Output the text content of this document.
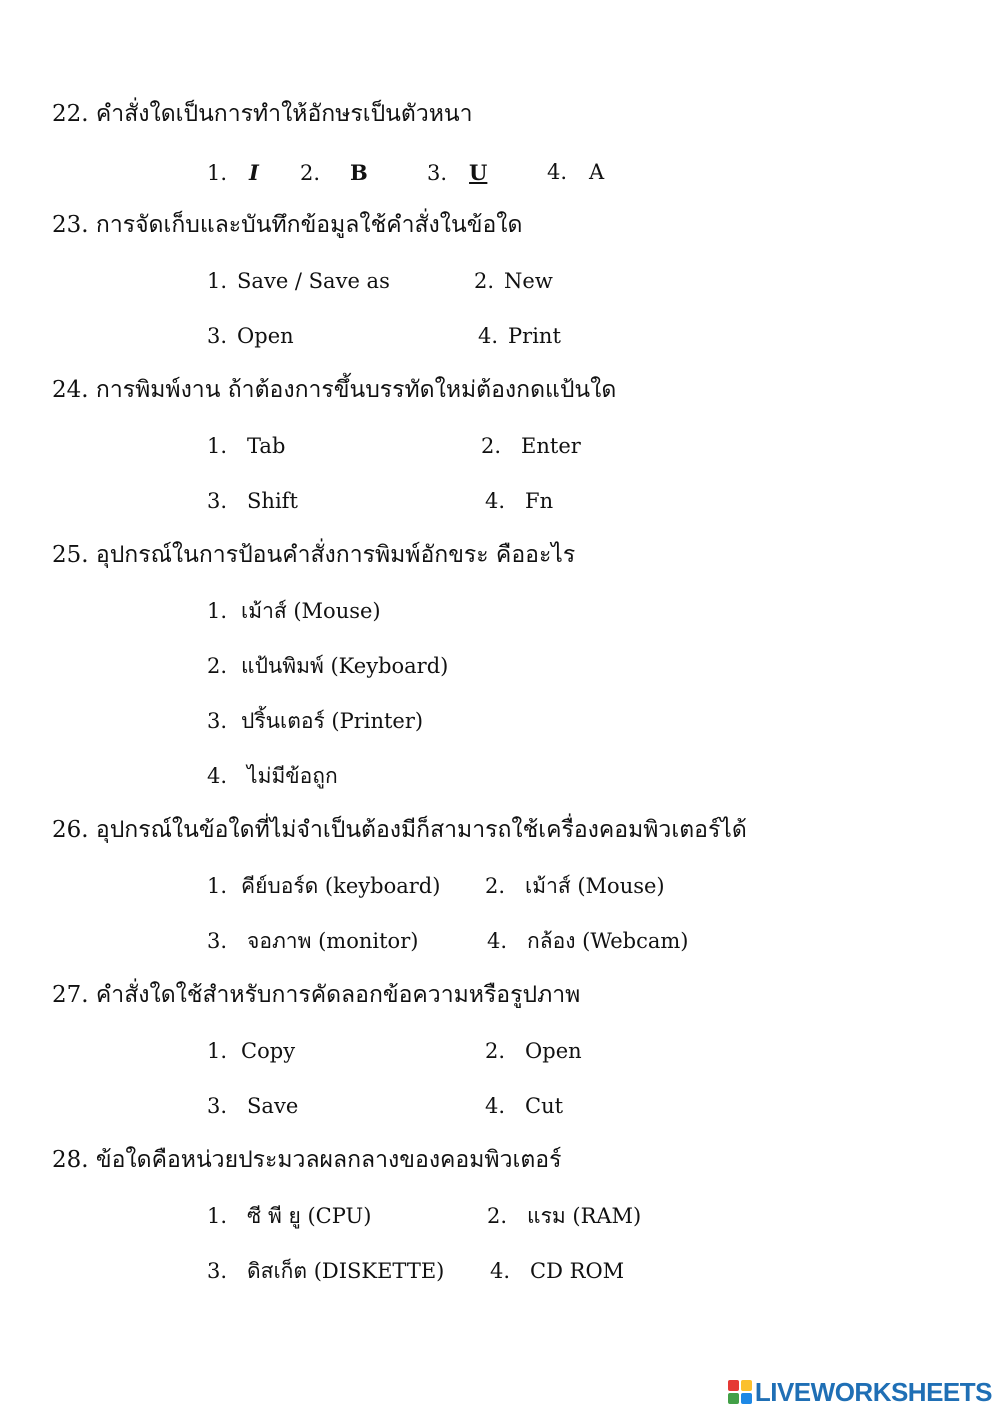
22. คำสั่งใดเป็นการทำให้อักษรเป็นตัวหนา
1. I 2. B	3. U	4. A
23. การจัดเก็บและบันทึกข้อมูลใช้คำสั่งในข้อใด
1. Save / Save as	2. New
3. Open	4. Print
24. การพิมพ์งาน ถ้าต้องการขึ้นบรรทัดใหม่ต้องกดแป้นใด
1. Tab	2. Enter
3. Shift	4. Fn
25. อุปกรณ์ในการป้อนคำสั่งการพิมพ์อักขระ คืออะไร
1. เม้าส์ (Mouse)
2. แป้นพิมพ์ (Keyboard)
3. ปริ้นเตอร์ (Printer)
4. ไม่มีข้อถูก
26. อุปกรณ์ในข้อใดที่ไม่จำเป็นต้องมีก็สามารถใช้เครื่องคอมพิวเตอร์ได้
1. คีย์บอร์ด (keyboard) 2. เม้าส์ (Mouse)
3. จอภาพ (monitor)	4. กล้อง (Webcam)
27. คำสั่งใดใช้สำหรับการคัดลอกข้อความหรือรูปภาพ
1. Copy	2. Open
3. Save	4. Cut
28. ข้อใดคือหน่วยประมวลผลกลางของคอมพิวเตอร์
1. ซี พี ยู (CPU)	2. แรม (RAM)
3. ดิสเก็ต (DISKETTE) 4. CD ROM
LIVEWORKSHEETS
